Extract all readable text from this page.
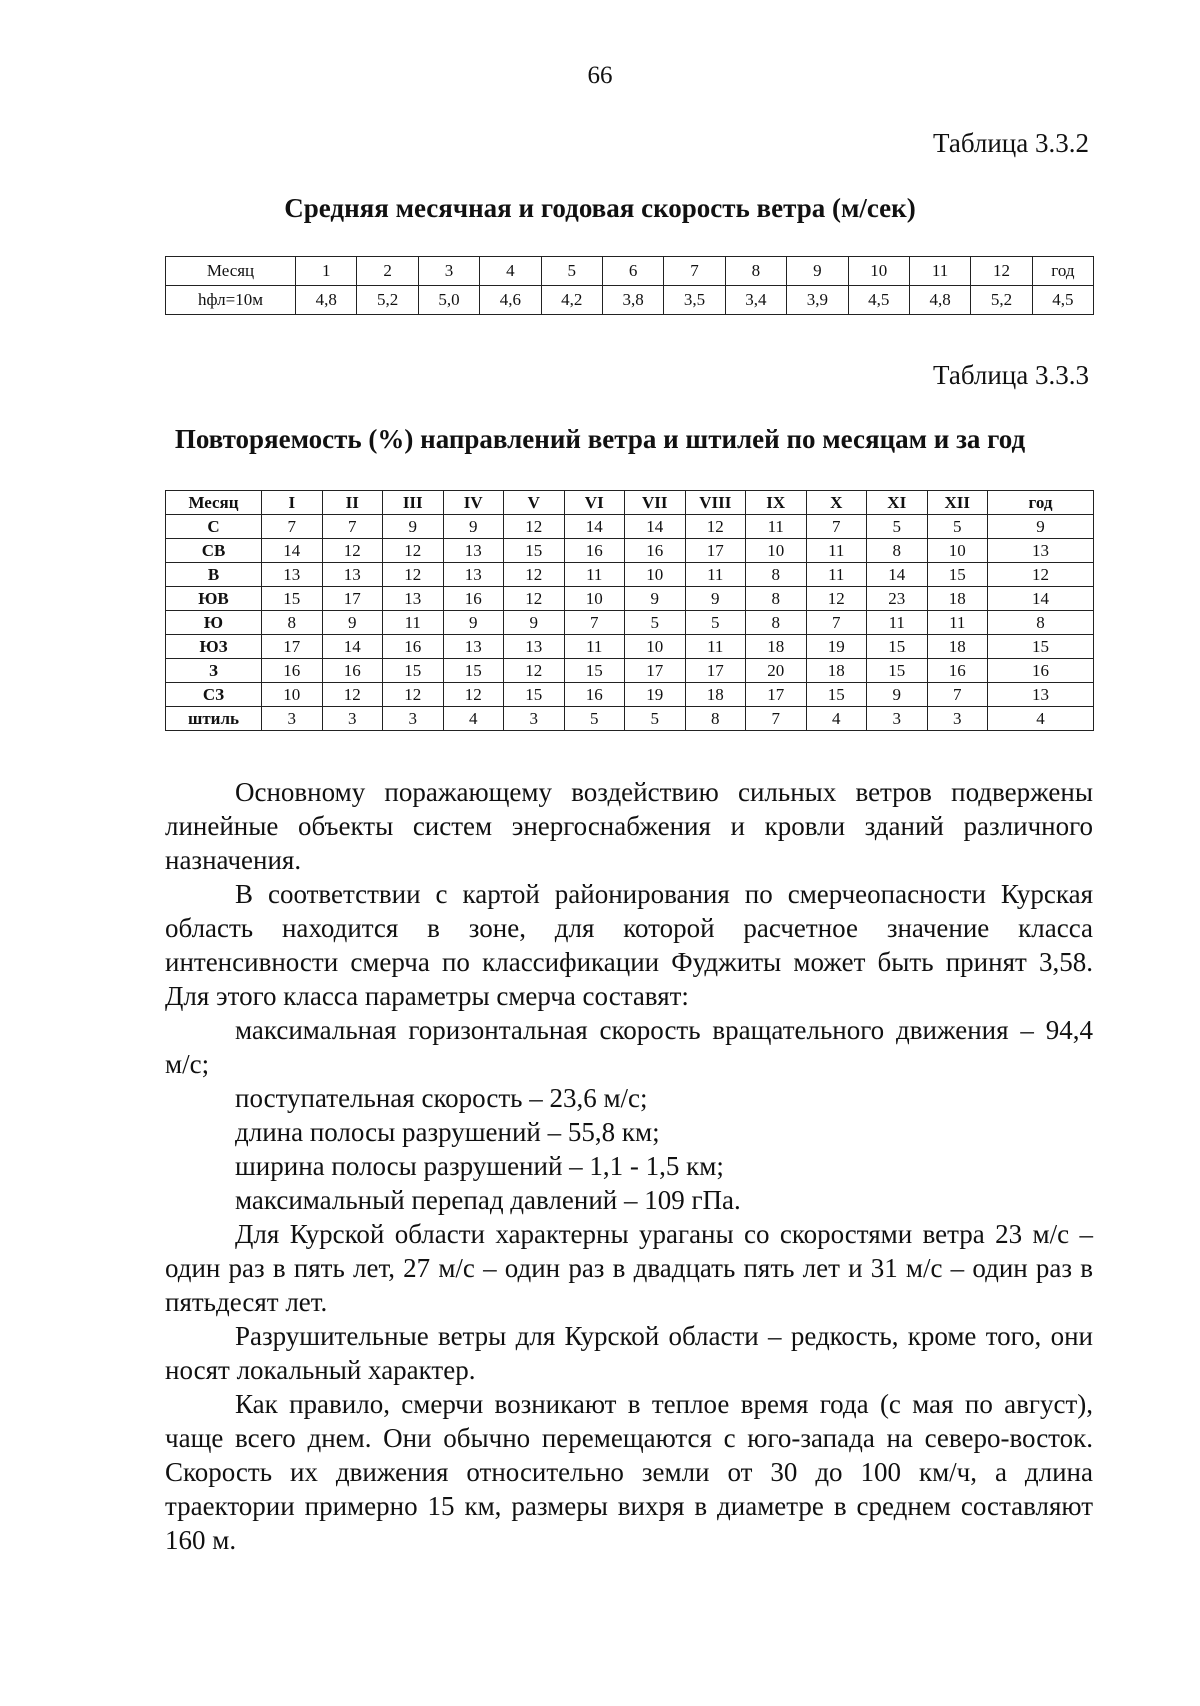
66
Таблица 3.3.2
Средняя месячная и годовая скорость ветра (м/сек)
Месяц	1	2	3	4	5	6	7	8	9	10	11	12	год
hфл=10м	4,8	5,2	5,0	4,6	4,2	3,8	3,5	3,4	3,9	4,5	4,8	5,2	4,5
Таблица 3.3.3
Повторяемость (%) направлений ветра и штилей по месяцам и за год
Месяц	I	II	III	IV	V	VI	VII	VIII	IX	X	XI	XII	год
С	7	7	9	9	12	14	14	12	11	7	5	5	9
СВ	14	12	12	13	15	16	16	17	10	11	8	10	13
В	13	13	12	13	12	11	10	11	8	11	14	15	12
ЮВ	15	17	13	16	12	10	9	9	8	12	23	18	14
Ю	8	9	11	9	9	7	5	5	8	7	11	11	8
ЮЗ	17	14	16	13	13	11	10	11	18	19	15	18	15
З	16	16	15	15	12	15	17	17	20	18	15	16	16
СЗ	10	12	12	12	15	16	19	18	17	15	9	7	13
штиль	3	3	3	4	3	5	5	8	7	4	3	3	4

Основному поражающему воздействию сильных ветров подвержены линейные объекты систем энергоснабжения и кровли зданий различного назначения.

В соответствии с картой районирования по смерчеопасности Курская область находится в зоне, для которой расчетное значение класса интенсивности смерча по классификации Фуджиты может быть принят 3,58. Для этого класса параметры смерча составят:

максимальная горизонтальная скорость вращательного движения – 94,4 м/с;

поступательная скорость – 23,6 м/с;

длина полосы разрушений – 55,8 км;

ширина полосы разрушений – 1,1 - 1,5 км;

максимальный перепад давлений – 109 гПа.

Для Курской области характерны ураганы со скоростями ветра 23 м/с – один раз в пять лет, 27 м/с – один раз в двадцать пять лет и 31 м/с – один раз в пятьдесят лет.

Разрушительные ветры для Курской области – редкость, кроме того, они носят локальный характер.

Как правило, смерчи возникают в теплое время года (с мая по август), чаще всего днем. Они обычно перемещаются с юго-запада на северо-восток. Скорость их движения относительно земли от 30 до 100 км/ч, а длина траектории примерно 15 км, размеры вихря в диаметре в среднем составляют 160 м.
